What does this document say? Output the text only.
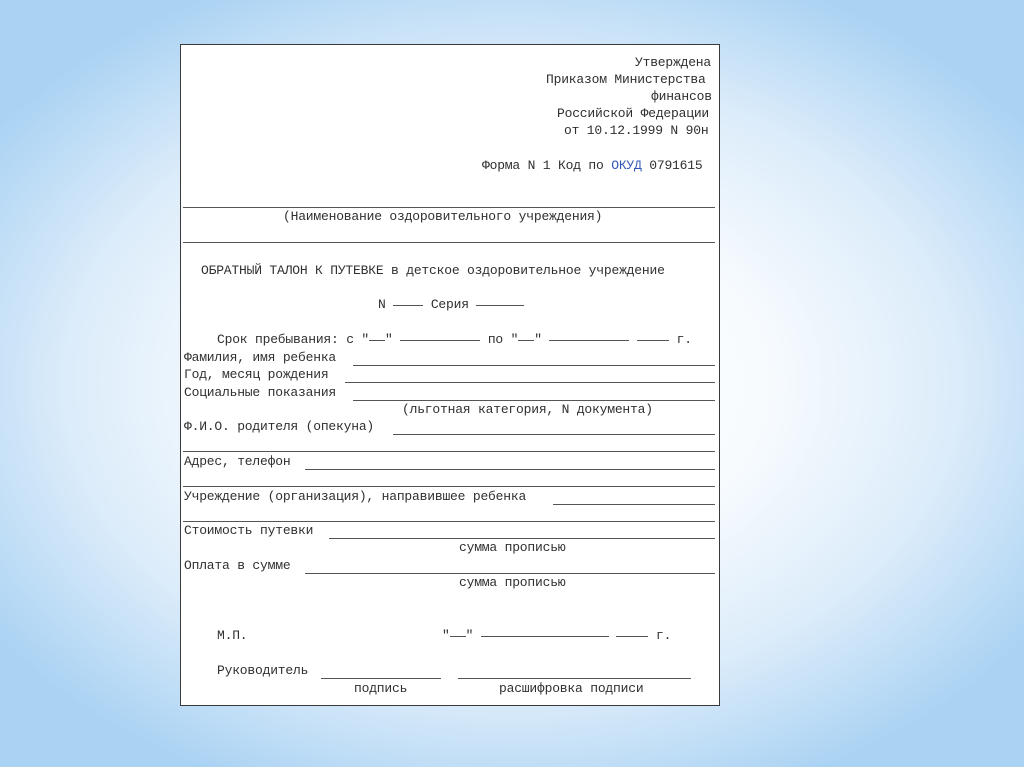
Утверждена
Приказом Министерства
финансов
Российской Федерации
от 10.12.1999 N 90н
Форма N 1 Код по ОКУД 0791615
(Наименование оздоровительного учреждения)
ОБРАТНЫЙ ТАЛОН К ПУТЕВКЕ в детское оздоровительное учреждение
N	Серия
Срок пребывания: с " "	по " "	г.
Фамилия, имя ребенка
Год, месяц рождения
Социальные показания
(льготная категория, N документа)
Ф.И.О. родителя (опекуна)
Адрес, телефон
Учреждение (организация), направившее ребенка
Стоимость путевки
сумма прописью
Оплата в сумме
сумма прописью
М.П.	" "	г.
Руководитель
подпись	расшифровка подписи
